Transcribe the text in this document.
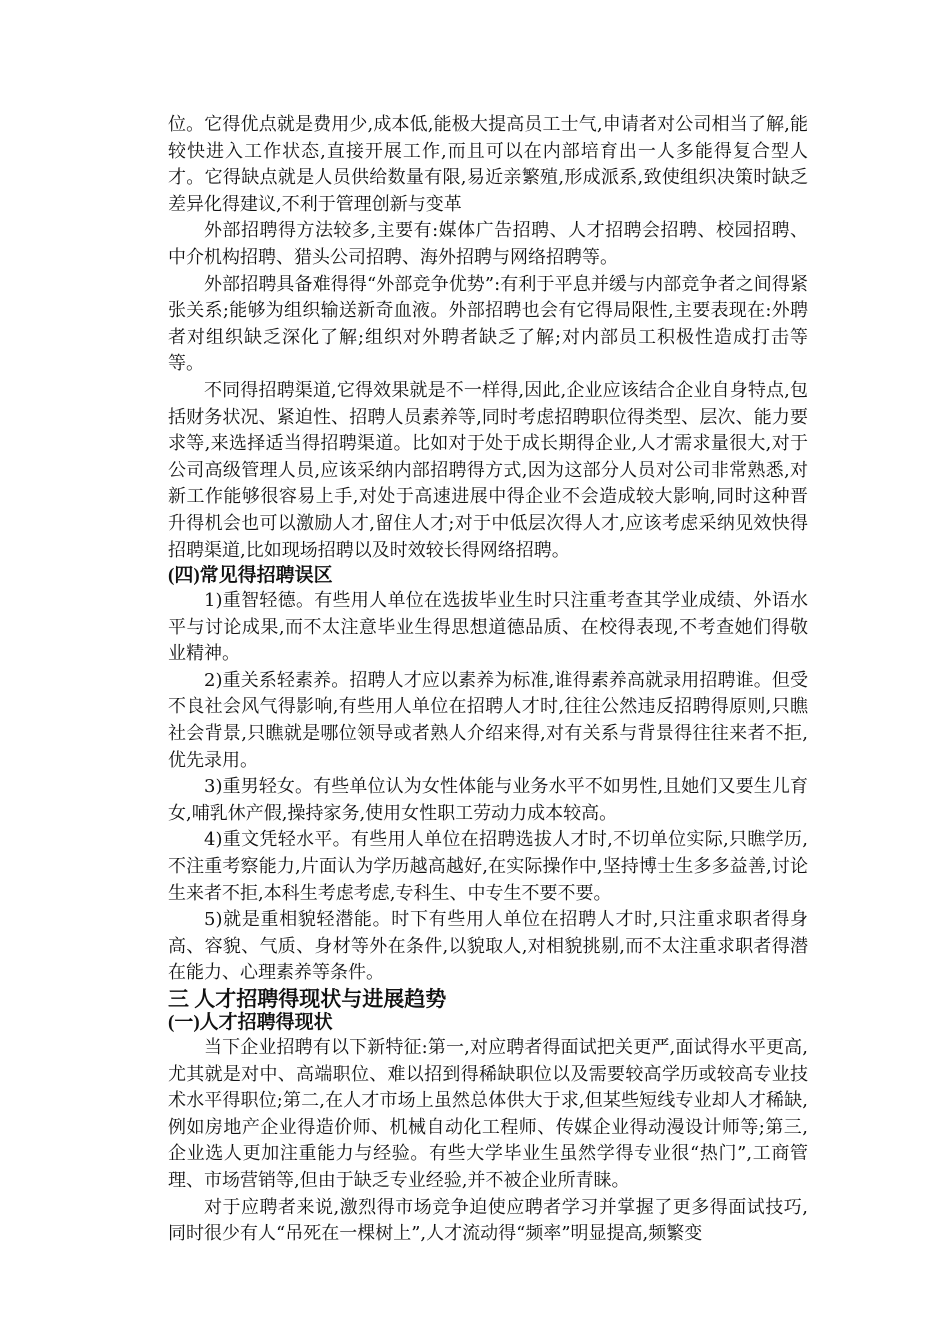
位。它得优点就是费用少,成本低,能极大提高员工士气,申请者对公司相当了解,能较快进入工作状态,直接开展工作,而且可以在内部培育出一人多能得复合型人才。它得缺点就是人员供给数量有限,易近亲繁殖,形成派系,致使组织决策时缺乏差异化得建议,不利于管理创新与变革

外部招聘得方法较多,主要有:媒体广告招聘、人才招聘会招聘、校园招聘、中介机构招聘、猎头公司招聘、海外招聘与网络招聘等。

外部招聘具备难得得“外部竞争优势”:有利于平息并缓与内部竞争者之间得紧张关系;能够为组织输送新奇血液。外部招聘也会有它得局限性,主要表现在:外聘者对组织缺乏深化了解;组织对外聘者缺乏了解;对内部员工积极性造成打击等等。

不同得招聘渠道,它得效果就是不一样得,因此,企业应该结合企业自身特点,包括财务状况、紧迫性、招聘人员素养等,同时考虑招聘职位得类型、层次、能力要求等,来选择适当得招聘渠道。比如对于处于成长期得企业,人才需求量很大,对于公司高级管理人员,应该采纳内部招聘得方式,因为这部分人员对公司非常熟悉,对新工作能够很容易上手,对处于高速进展中得企业不会造成较大影响,同时这种晋升得机会也可以激励人才,留住人才;对于中低层次得人才,应该考虑采纳见效快得招聘渠道,比如现场招聘以及时效较长得网络招聘。

(四)常见得招聘误区

1)重智轻德。有些用人单位在选拔毕业生时只注重考查其学业成绩、外语水平与讨论成果,而不太注意毕业生得思想道德品质、在校得表现,不考查她们得敬业精神。

2)重关系轻素养。招聘人才应以素养为标准,谁得素养高就录用招聘谁。但受不良社会风气得影响,有些用人单位在招聘人才时,往往公然违反招聘得原则,只瞧社会背景,只瞧就是哪位领导或者熟人介绍来得,对有关系与背景得往往来者不拒,优先录用。

3)重男轻女。有些单位认为女性体能与业务水平不如男性,且她们又要生儿育女,哺乳休产假,操持家务,使用女性职工劳动力成本较高。

4)重文凭轻水平。有些用人单位在招聘选拔人才时,不切单位实际,只瞧学历,不注重考察能力,片面认为学历越高越好,在实际操作中,坚持博士生多多益善,讨论生来者不拒,本科生考虑考虑,专科生、中专生不要不要。

5)就是重相貌轻潜能。时下有些用人单位在招聘人才时,只注重求职者得身高、容貌、气质、身材等外在条件,以貌取人,对相貌挑剔,而不太注重求职者得潜在能力、心理素养等条件。

三 人才招聘得现状与进展趋势
(一)人才招聘得现状

当下企业招聘有以下新特征:第一,对应聘者得面试把关更严,面试得水平更高,尤其就是对中、高端职位、难以招到得稀缺职位以及需要较高学历或较高专业技术水平得职位;第二,在人才市场上虽然总体供大于求,但某些短线专业却人才稀缺,例如房地产企业得造价师、机械自动化工程师、传媒企业得动漫设计师等;第三,企业选人更加注重能力与经验。有些大学毕业生虽然学得专业很“热门”,工商管理、市场营销等,但由于缺乏专业经验,并不被企业所青睐。

对于应聘者来说,激烈得市场竞争迫使应聘者学习并掌握了更多得面试技巧,同时很少有人“吊死在一棵树上”,人才流动得“频率”明显提高,频繁变
